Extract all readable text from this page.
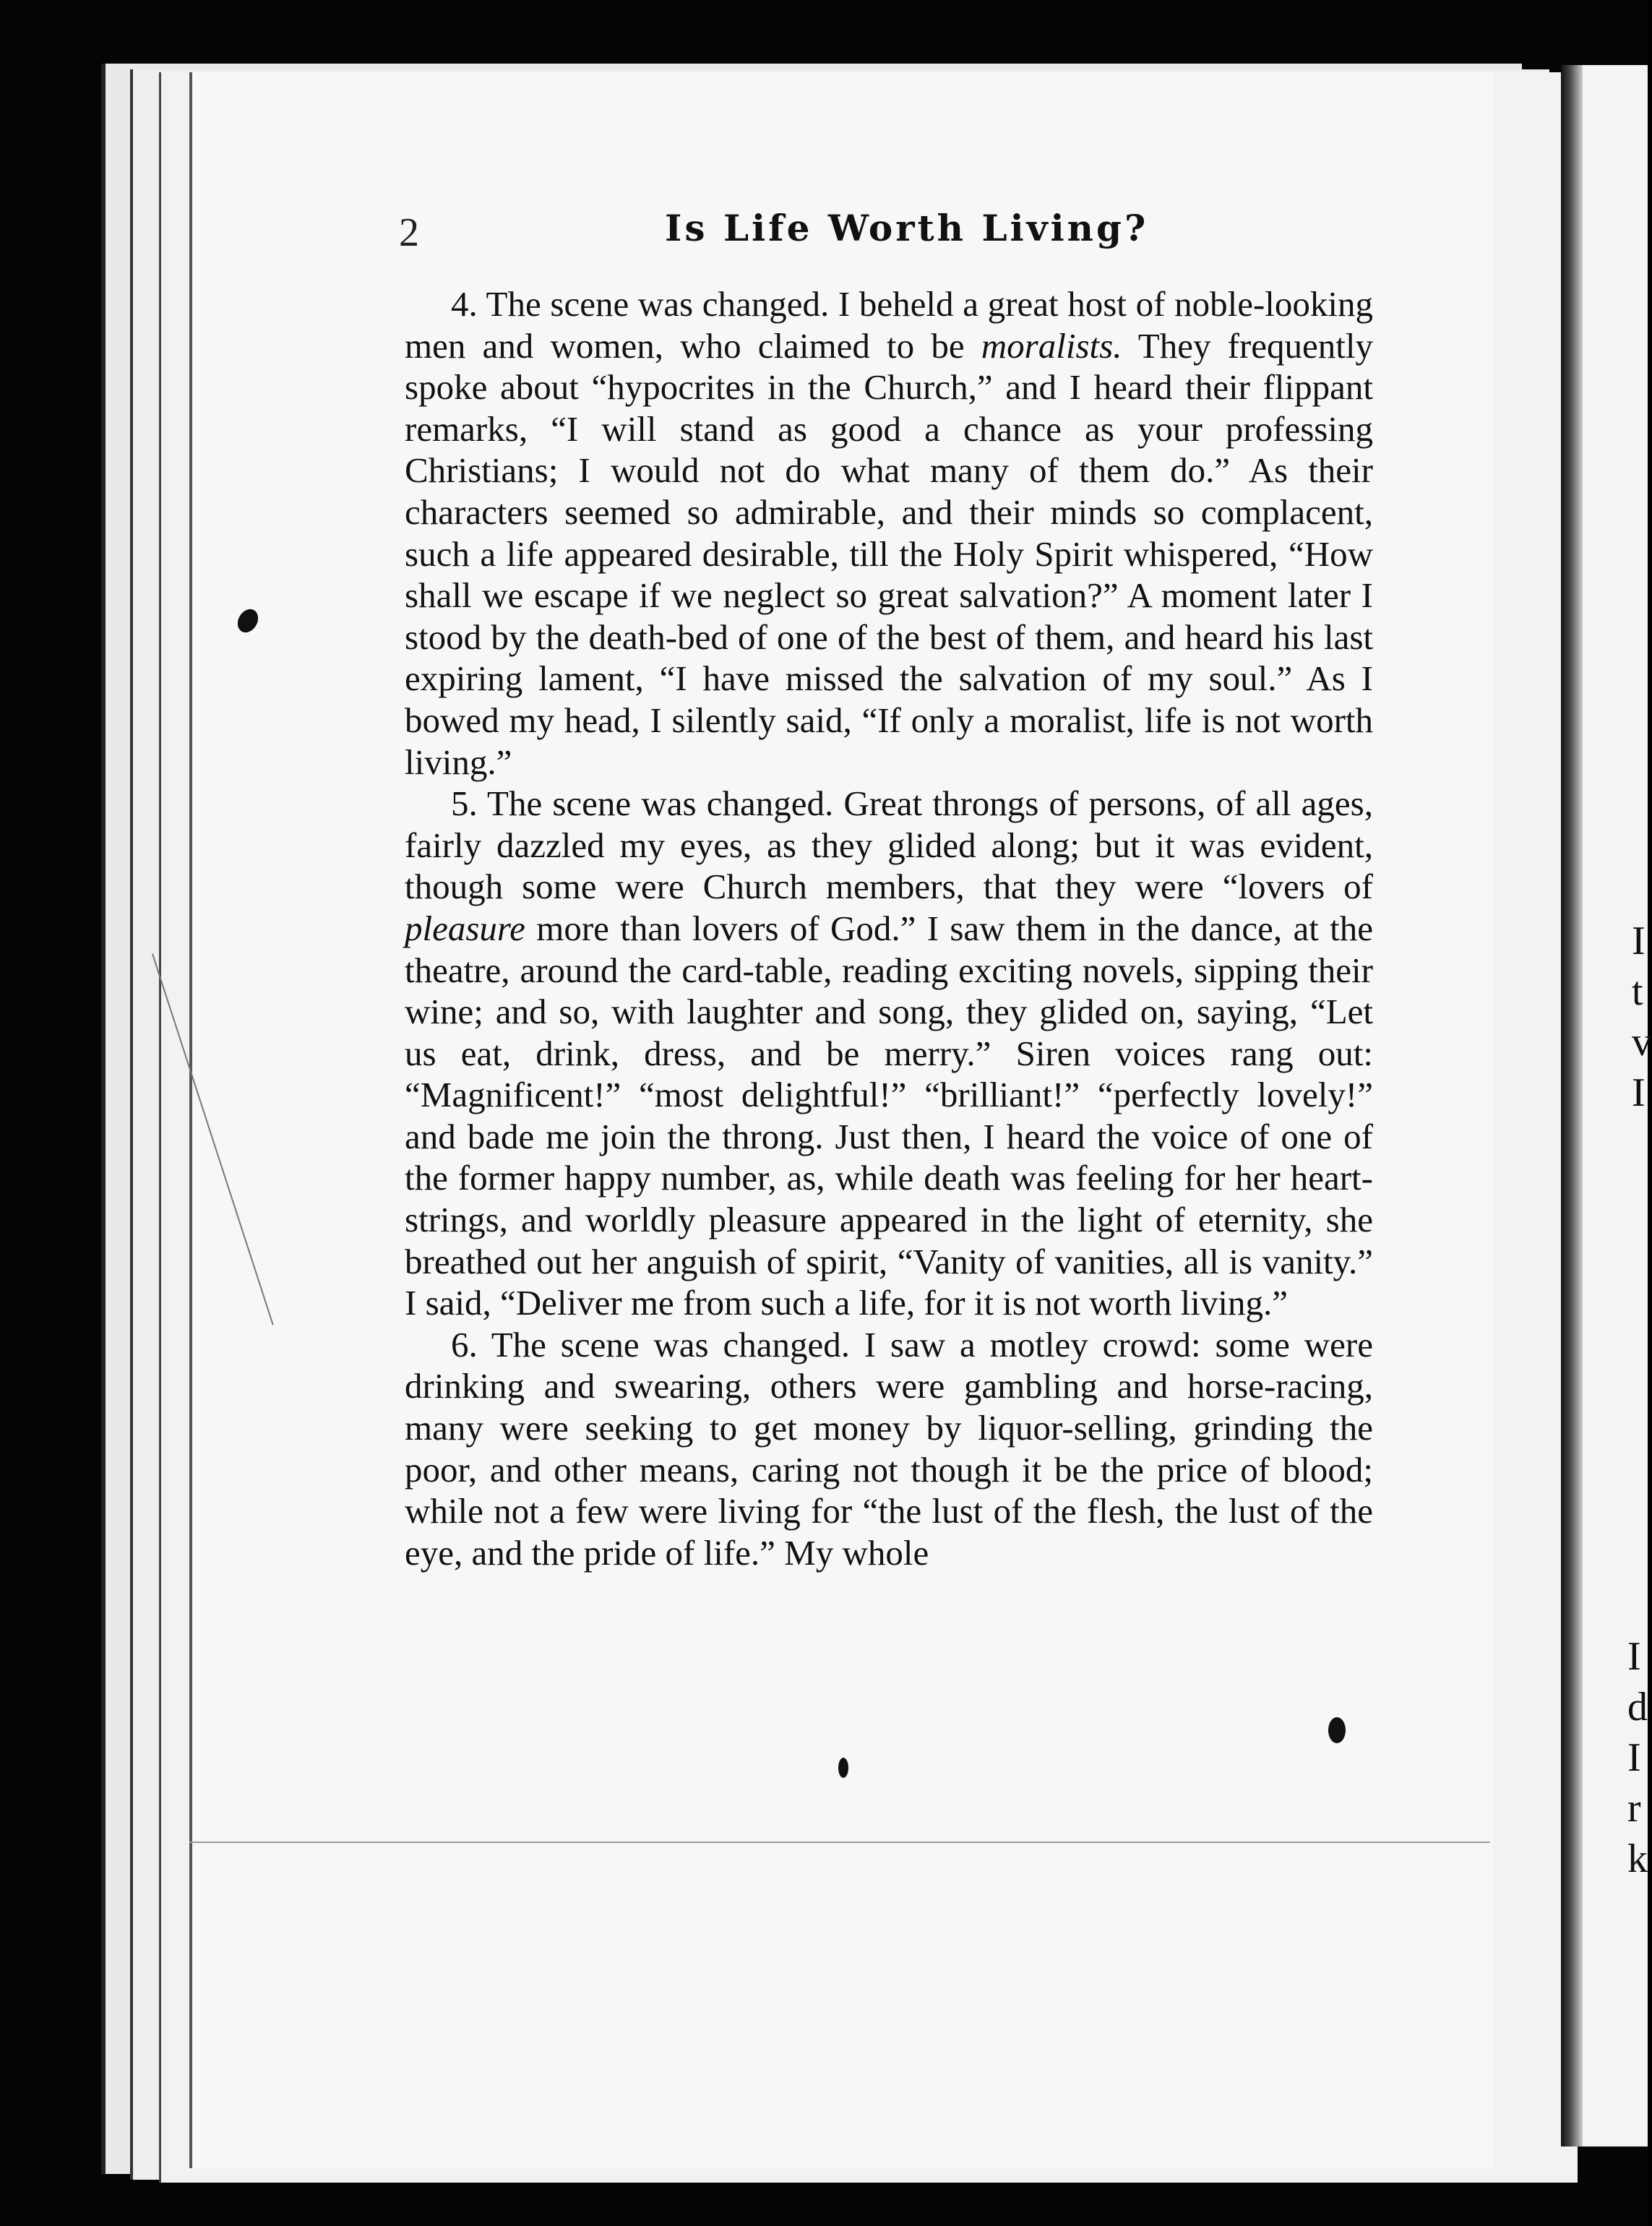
I
t
v
I
I
d
I
r
k
2	Is Life Worth Living?

4. The scene was changed. I beheld a great host of noble-looking men and women, who claimed to be moralists. They frequently spoke about “hypocrites in the Church,” and I heard their flippant remarks, “I will stand as good a chance as your professing Christians; I would not do what many of them do.” As their characters seemed so admirable, and their minds so complacent, such a life appeared desirable, till the Holy Spirit whispered, “How shall we escape if we neglect so great salvation?” A moment later I stood by the death-bed of one of the best of them, and heard his last expiring lament, “I have missed the salvation of my soul.” As I bowed my head, I silently said, “If only a moralist, life is not worth living.”

5. The scene was changed. Great throngs of persons, of all ages, fairly dazzled my eyes, as they glided along; but it was evident, though some were Church members, that they were “lovers of pleasure more than lovers of God.” I saw them in the dance, at the theatre, around the card-table, reading exciting novels, sipping their wine; and so, with laughter and song, they glided on, saying, “Let us eat, drink, dress, and be merry.” Siren voices rang out: “Magnificent!” “most delightful!” “brilliant!” “perfectly lovely!” and bade me join the throng. Just then, I heard the voice of one of the former happy number, as, while death was feeling for her heart-strings, and worldly pleasure appeared in the light of eternity, she breathed out her anguish of spirit, “Vanity of vanities, all is vanity.” I said, “Deliver me from such a life, for it is not worth living.”

6. The scene was changed. I saw a motley crowd: some were drinking and swearing, others were gambling and horse-racing, many were seeking to get money by liquor-selling, grinding the poor, and other means, caring not though it be the price of blood; while not a few were living for “the lust of the flesh, the lust of the eye, and the pride of life.” My whole
